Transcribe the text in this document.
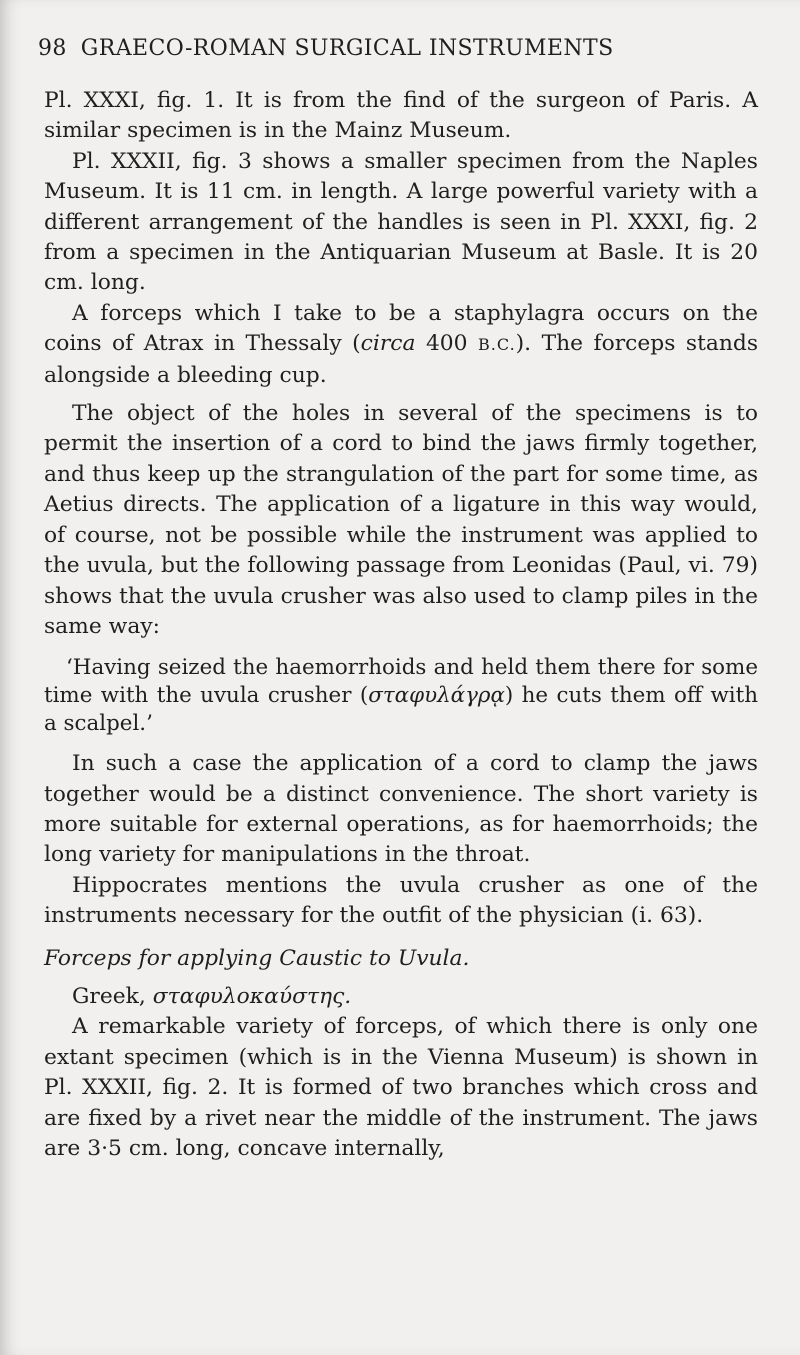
98 GRAECO-ROMAN SURGICAL INSTRUMENTS

Pl. XXXI, fig. 1. It is from the find of the surgeon of Paris. A similar specimen is in the Mainz Museum.

Pl. XXXII, fig. 3 shows a smaller specimen from the Naples Museum. It is 11 cm. in length. A large powerful variety with a different arrangement of the handles is seen in Pl. XXXI, fig. 2 from a specimen in the Antiquarian Museum at Basle. It is 20 cm. long.

A forceps which I take to be a staphylagra occurs on the coins of Atrax in Thessaly (circa 400 B.C.). The forceps stands alongside a bleeding cup.

The object of the holes in several of the specimens is to permit the insertion of a cord to bind the jaws firmly together, and thus keep up the strangulation of the part for some time, as Aetius directs. The application of a ligature in this way would, of course, not be possible while the instrument was applied to the uvula, but the following passage from Leonidas (Paul, vi. 79) shows that the uvula crusher was also used to clamp piles in the same way:

‘Having seized the haemorrhoids and held them there for some time with the uvula crusher (σταφυλάγρᾳ) he cuts them off with a scalpel.’

In such a case the application of a cord to clamp the jaws together would be a distinct convenience. The short variety is more suitable for external operations, as for haemorrhoids; the long variety for manipulations in the throat.

Hippocrates mentions the uvula crusher as one of the instruments necessary for the outfit of the physician (i. 63).

Forceps for applying Caustic to Uvula.

Greek, σταφυλοκαύστης.

A remarkable variety of forceps, of which there is only one extant specimen (which is in the Vienna Museum) is shown in Pl. XXXII, fig. 2. It is formed of two branches which cross and are fixed by a rivet near the middle of the instrument. The jaws are 3·5 cm. long, concave internally,
